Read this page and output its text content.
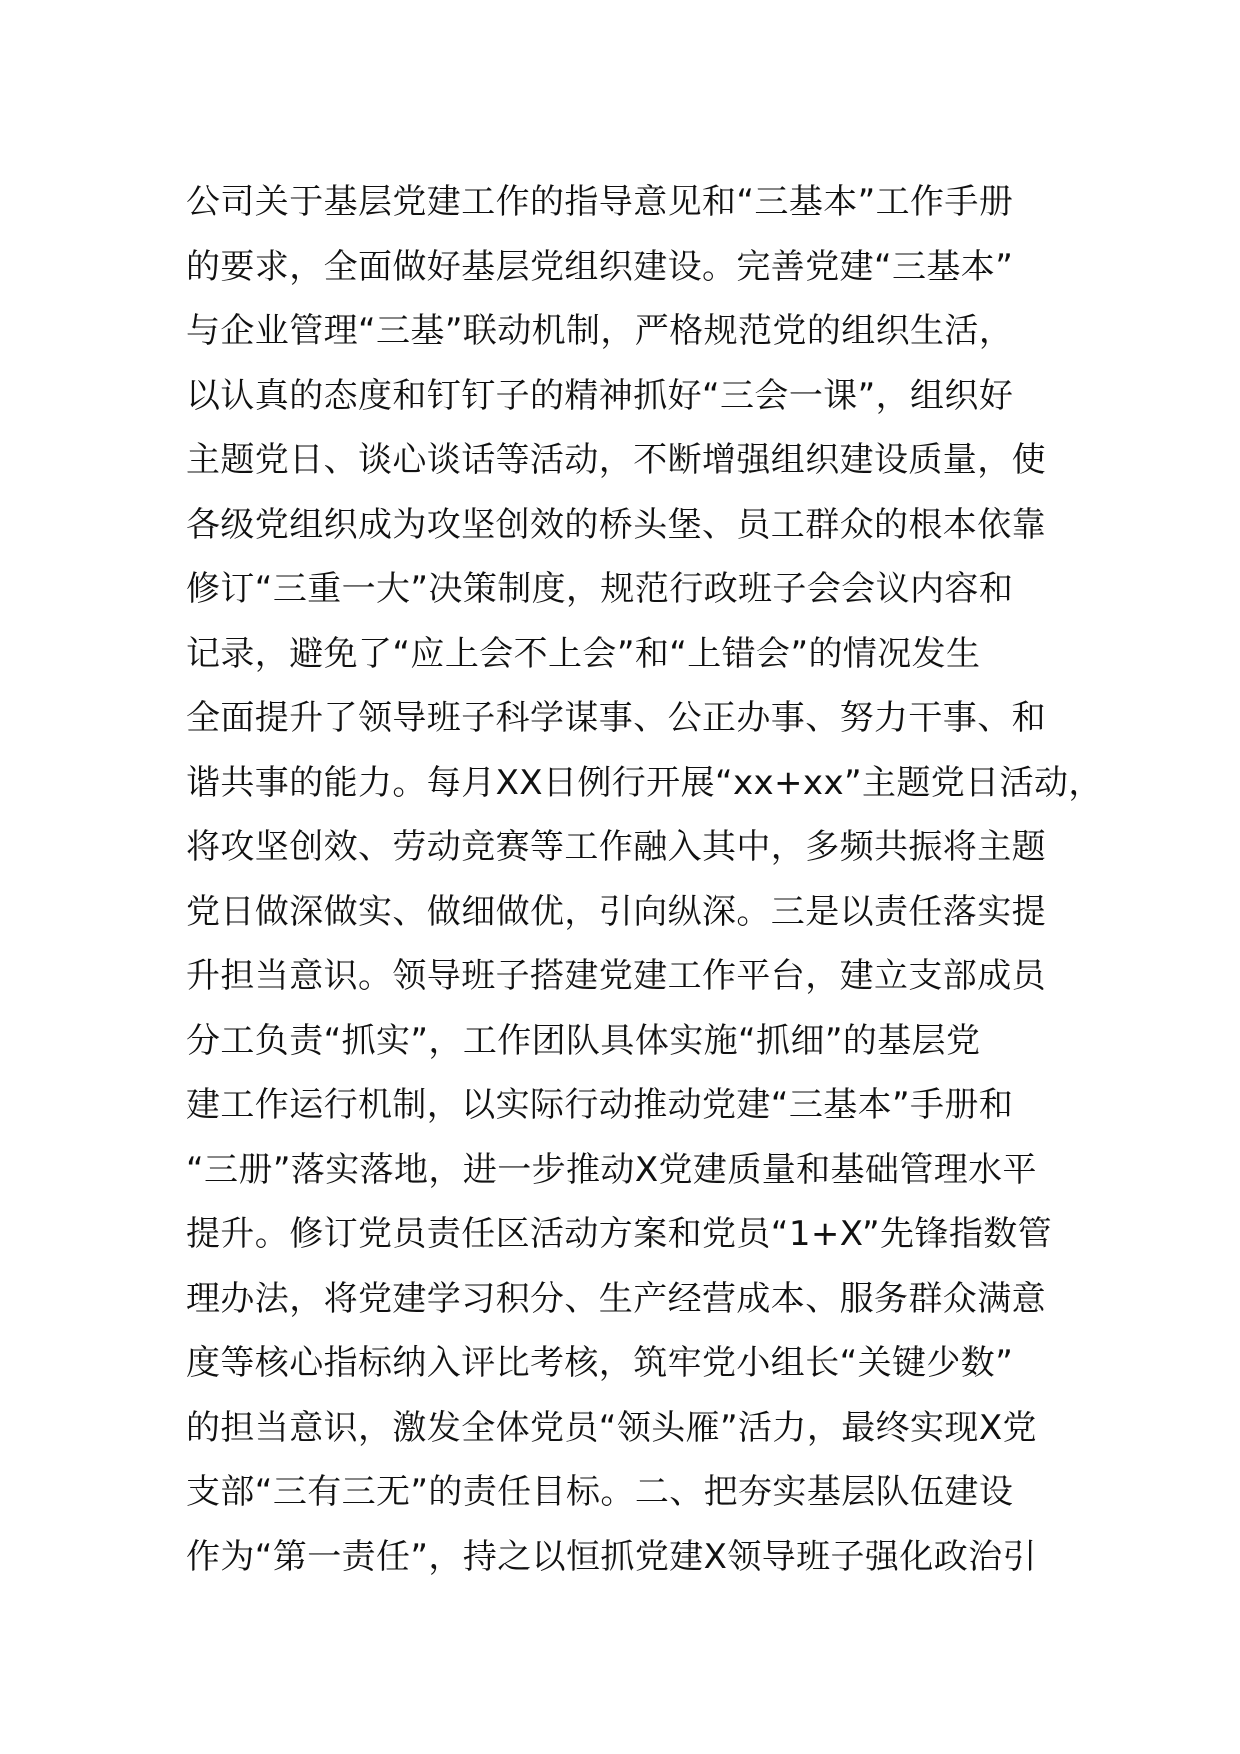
公司关于基层党建工作的指导意见和“三基本”工作手册
的要求，全面做好基层党组织建设。完善党建“三基本”
与企业管理“三基”联动机制，严格规范党的组织生活，
以认真的态度和钉钉子的精神抓好“三会一课”，组织好
主题党日、谈心谈话等活动，不断增强组织建设质量，使
各级党组织成为攻坚创效的桥头堡、员工群众的根本依靠
修订“三重一大”决策制度，规范行政班子会会议内容和
记录，避免了“应上会不上会”和“上错会”的情况发生
全面提升了领导班子科学谋事、公正办事、努力干事、和
谐共事的能力。每月XX日例行开展“xx+xx”主题党日活动，
将攻坚创效、劳动竞赛等工作融入其中，多频共振将主题
党日做深做实、做细做优，引向纵深。三是以责任落实提
升担当意识。领导班子搭建党建工作平台，建立支部成员
分工负责“抓实”，工作团队具体实施“抓细”的基层党
建工作运行机制，以实际行动推动党建“三基本”手册和
“三册”落实落地，进一步推动X党建质量和基础管理水平
提升。修订党员责任区活动方案和党员“1+X”先锋指数管
理办法，将党建学习积分、生产经营成本、服务群众满意
度等核心指标纳入评比考核，筑牢党小组长“关键少数”
的担当意识，激发全体党员“领头雁”活力，最终实现X党
支部“三有三无”的责任目标。二、把夯实基层队伍建设
作为“第一责任”，持之以恒抓党建X领导班子强化政治引
